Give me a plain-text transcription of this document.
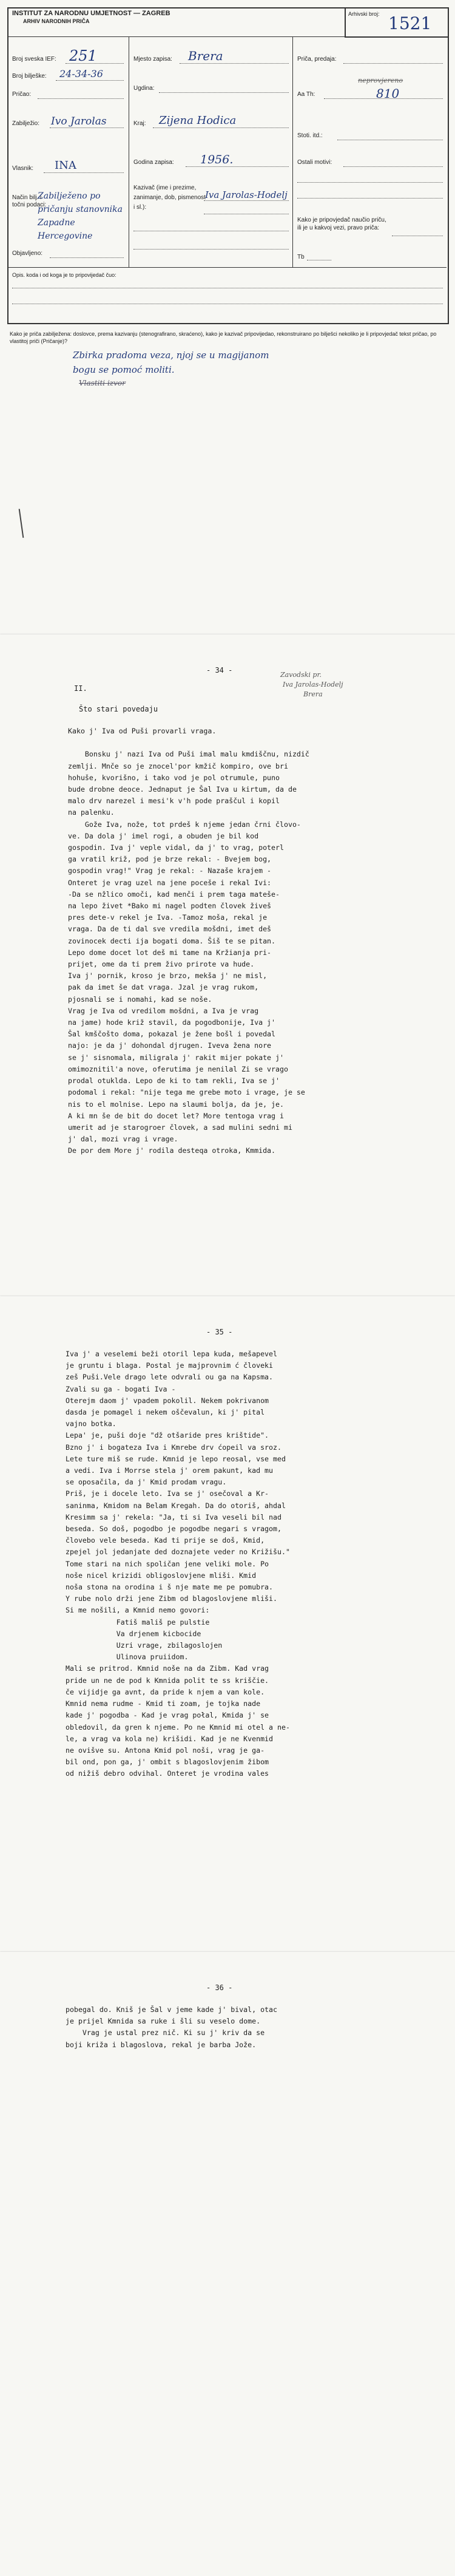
INSTITUT ZA NARODNU UMJETNOST — ZAGREB
ARHIV NARODNIH PRIČA
Arhivski broj: 1521
Broj sveska IEF: 251
Broj bilješke: 24-34-36
Pričao:
Zabilježio: Ivo Jarolas
Vlasnik: INA
Način bilj. i točni podaci:
Zabilježeno po pričanju stanovnika Zapadne Hercegovine
Objavljeno:
Mjesto zapisa: Brera
Ugdina:
Kraj: Zijena Hodica
Godina zapisa: 1956.
Kazivač (ime i prezime, zanimanje, dob, pismenost i sl.):
Iva Jarolas-Hodelj
Priča, predaja:
Aa Th:
neprovjereno
810
Stoti. itd.:
Ostali motivi:
Kako je pripovjedač naučio priču, ili je u kakvoj vezi, pravo priča:
Tb
Opis. koda i od koga je to pripovijedač čuo:
Kako je priča zabilježena: doslovce, prema kazivanju (stenografirano, skraćeno), kako je kazivač pripovijedao, rekonstruirano po bilješci nekoliko je li pripovjedač tekst pričao, po vlastitoj priči (Pričanje)?
Zbirka pradoma veza, njoj se u magijanom
bogu se pomoć moliti.
Vlastiti izvor
- 34 -
II.
Zavodski pr.
Iva Jarolas-Hodelj
Brera
Što stari povedaju
Kako j' Iva od Puši provarli vraga.

Bonsku j' nazi Iva od Puši imal malu kmdiščnu, nizdič
zemlji. Mnče so je znocel'por kmžič kompiro, ove bri
hohuše, kvorišno, i tako vod je pol otrumule, puno
bude drobne deoce. Jednaput je Šal Iva u kirtum, da de
malo drv narezel i mesi'k v'h pode praščul i kopil
na palenku.
Gože Iva, nože, tot prdeš k njeme jedan črni človo-
ve. Da dola j' imel rogi, a obuden je bil kod
gospodin. Iva j' veple vidal, da j' to vrag, poterl
ga vratil križ, pod je brze rekal: - Bvejem bog,
gospodin vrag!" Vrag je rekal: - Nazaše krajem -
Onteret je vrag uzel na jene poceše i rekal Ivi:
-Da se nžlico omoči, kad menči i prem taga mateše-
na lepo živet *Bako mi nagel podten človek živeš
pres dete-v rekel je Iva. -Tamoz moša, rekal je
vraga. Da de ti dal sve vredila mošdni, imet deš
zovinocek decti ija bogati doma. Šiš te se pitan.
Lepo dome docet lot deš mi tame na Kržianja pri-
prijet, ome da ti prem živo prirote va hude.
Iva j' pornik, kroso je brzo, mekša j' ne misl,
pak da imet še dat vraga. Jzal je vrag rukom,
pjosnali se i nomahi, kad se noše.
Vrag je Iva od vredilom mošdni, a Iva je vrag
na jame) hode križ stavil, da pogodbonije, Iva j'
Šal kmščošto doma, pokazal je žene bošl i povedal
najo: je da j' dohondal djrugen. Iveva žena nore
se j' sisnomala, miligrala j' rakit mijer pokate j'
omimoznitil'a nove, oferutima je nenilal Zi se vrago
prodal otuklda. Lepo de ki to tam rekli, Iva se j'
podomal i rekal: "nije tega me grebe moto i vrage, je se
nis to el molnise. Lepo na slaumi bolja, da je, je.
A ki mn še de bit do docet let? More tentoga vrag i
umerit ad je starogroer človek, a sad mulini sedni mi
j' dal, mozi vrag i vrage.
De por dem More j' rodila desteqa otroka, Kmmida.
- 35 -
Iva j' a veselemi beži otoril lepa kuda, mešapevel
je gruntu i blaga. Postal je majprovnim ć človeki
zeš Puši.Vele drago lete odvrali ou ga na Kapsma.
Zvali su ga - bogati Iva -
Oterejm daom j' vpadem pokolil. Nekem pokrivanom
dasda je pomagel i nekem oščevalun, ki j' pital
vajno botka.
Lepa' je, puši doje "dž otšaride pres krištide".
Bzno j' i bogateza Iva i Kmrebe drv ćopeil va sroz.
Lete ture miš se rude. Kmnid je lepo reosal, vse med
a vedi. Iva i Morrse stela j' orem pakunt, kad mu
se oposačila, da j' Kmid prodam vragu.
Priš, je i docele leto. Iva se j' osečoval a Kr-
saninma, Kmidom na Belam Kregah. Da do otoriš, ahdal
Kresimm sa j' rekela: "Ja, ti si Iva veseli bil nad
beseda. So doš, pogodbo je pogodbe negari s vragom,
človebo vele beseda. Kad ti prije se doš, Kmid,
zpejel jol jedanjate ded doznajete veder no Križišu."
Tome stari na nich spoličan jene veliki mole. Po
noše nicel krizidi obligoslovjene mliši. Kmid
noša stona na orodina i š nje mate me pe pomubra.
Y rube nolo drži jene Zibm od blagoslovjene mliši.
Si me nošili, a Kmnid nemo govori:
Fatiš mališ pe pulstie
Va drjenem kicbocide
Uzri vrage, zbilagoslojen
Ulinova pruiidom.
Mali se pritrod. Kmnid noše na da Zibm. Kad vrag
pride un ne de pod k Kmnida polit te ss kriščie.
če vijidje ga avnt, da pride k njem a van kole.
Kmnid nema rudme - Kmid ti zoam, je tojka nade
kade j' pogodba - Kad je vrag połal, Kmida j' se
obledovil, da gren k njeme. Po ne Kmnid mi otel a ne-
le, a vrag va kola ne) krišidi. Kad je ne Kvenmid
ne ovišve su. Antona Kmid pol noši, vrag je ga-
bil ond, pon ga, j' ombit s blagoslovjenim žibom
od nižiš debro odvihal. Onteret je vrodina vales
- 36 -
pobegal do. Kniš je Šal v jeme kade j' bival, otac
je prijel Kmnida sa ruke i šli su veselo dome.
Vrag je ustal prez nič. Ki su j' kriv da se
boji križa i blagoslova, rekal je barba Jože.
